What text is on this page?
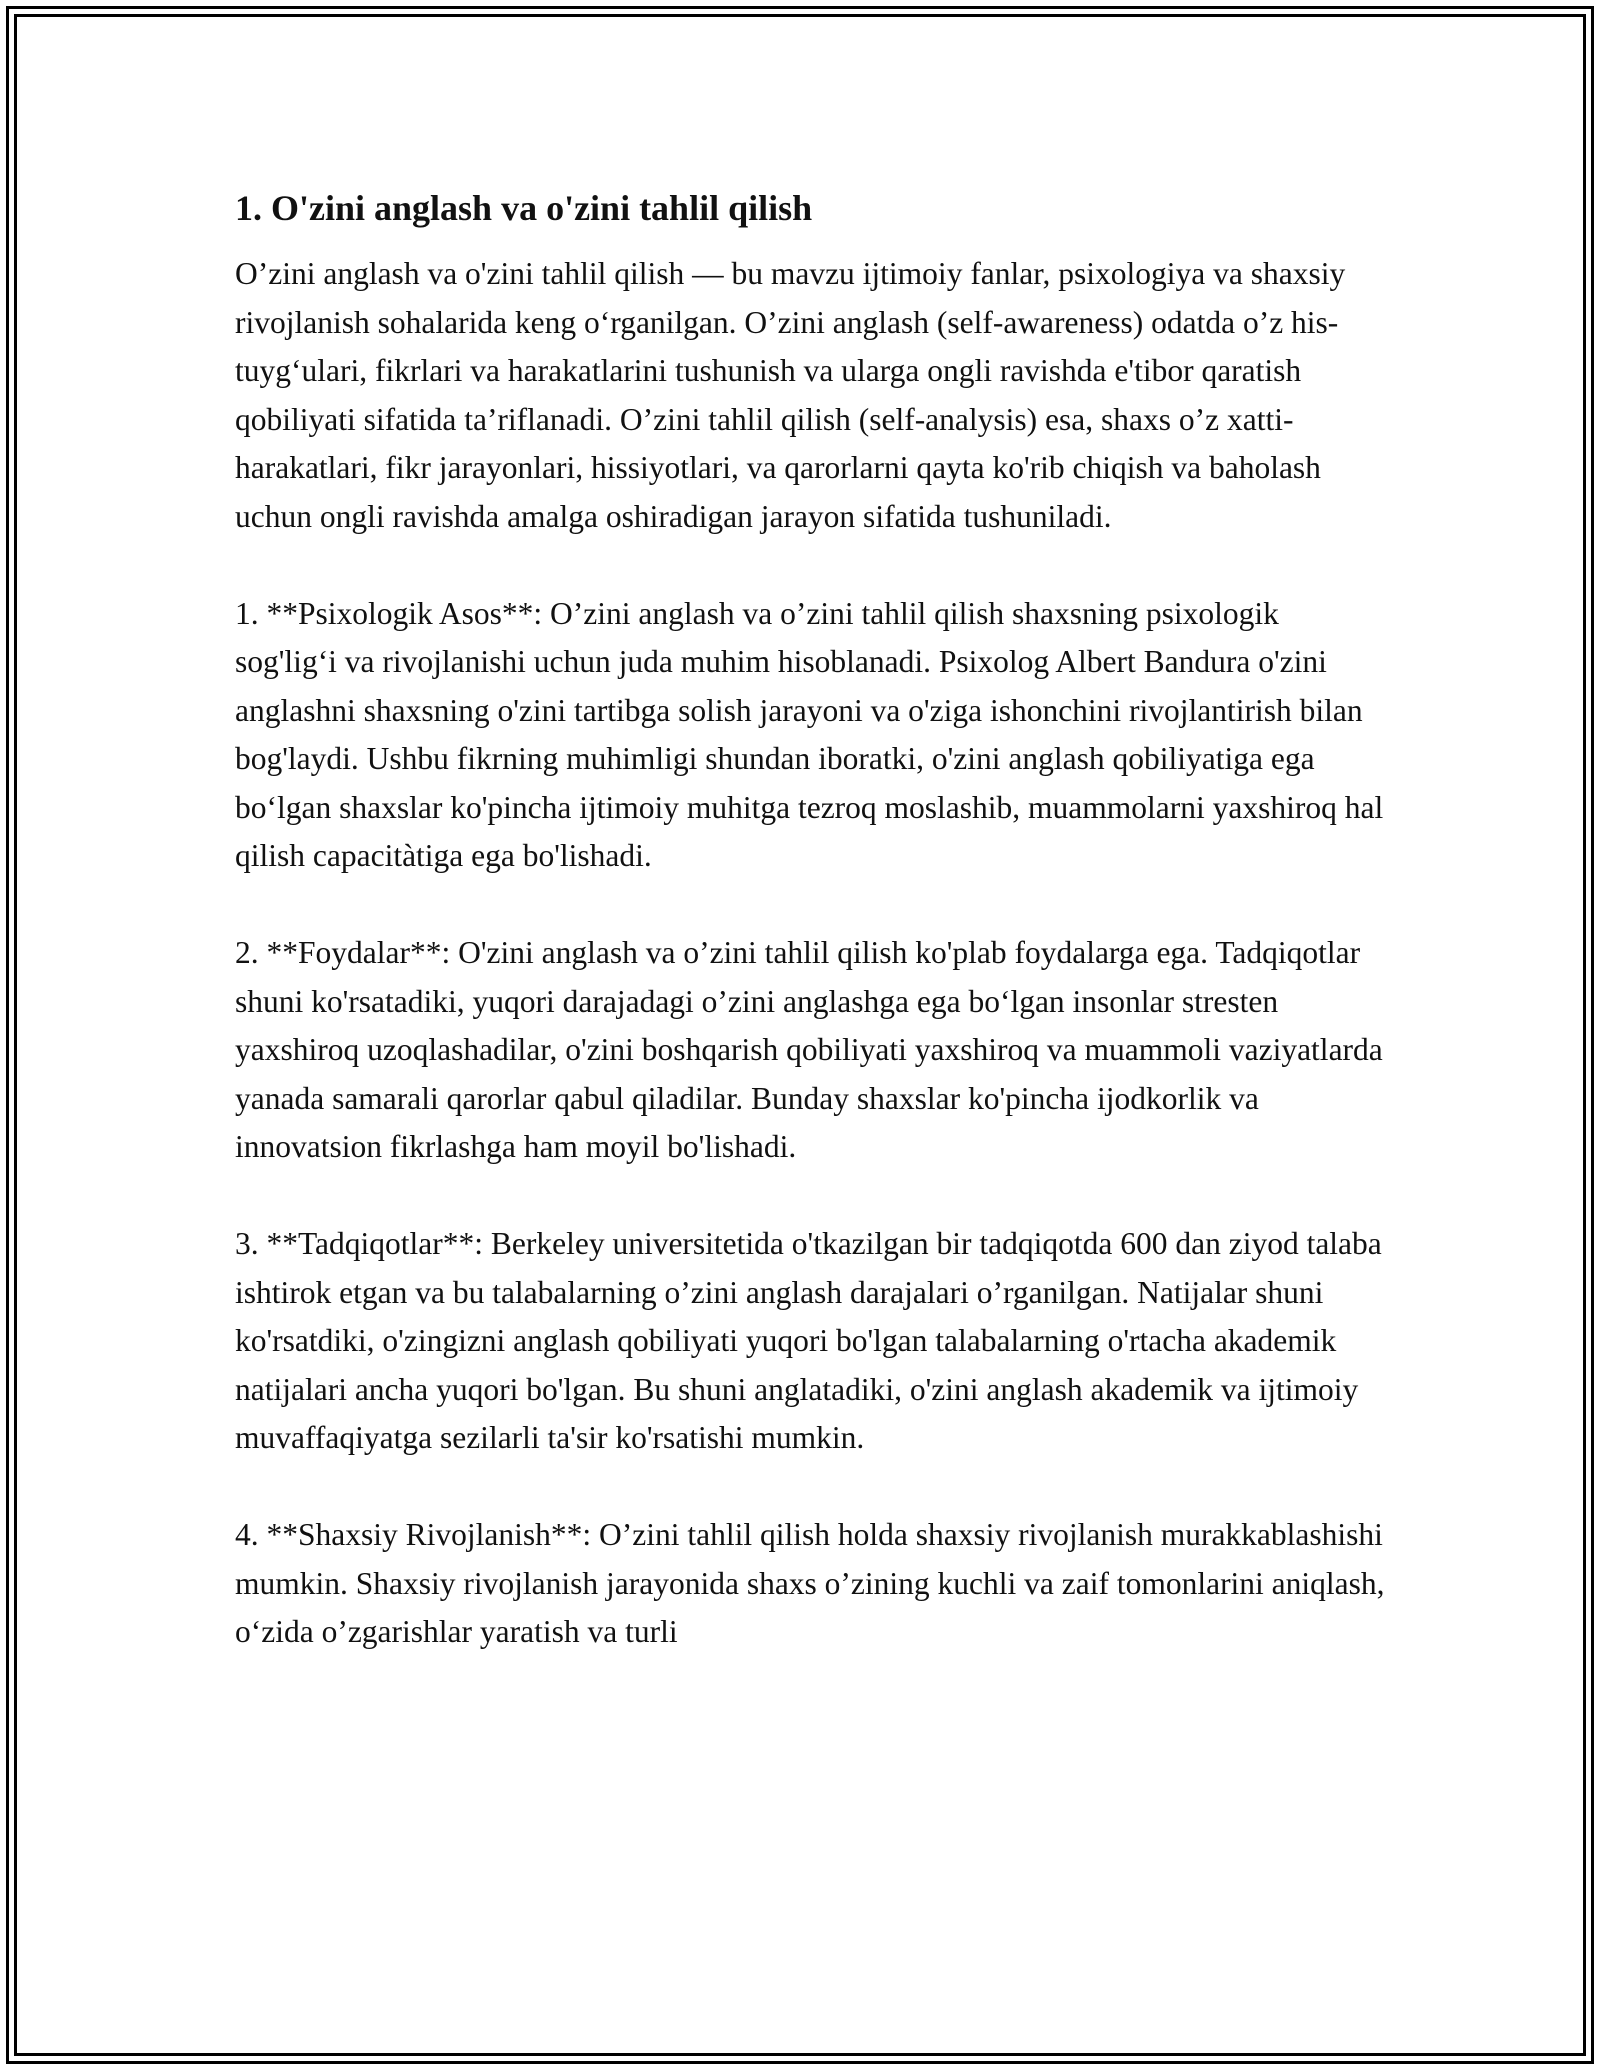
1. O'zini anglash va o'zini tahlil qilish

O’zini anglash va o'zini tahlil qilish — bu mavzu ijtimoiy fanlar, psixologiya va shaxsiy rivojlanish sohalarida keng o‘rganilgan. O’zini anglash (self-awareness) odatda o’z his-tuyg‘ulari, fikrlari va harakatlarini tushunish va ularga ongli ravishda e'tibor qaratish qobiliyati sifatida ta’riflanadi. O’zini tahlil qilish (self-analysis) esa, shaxs o’z xatti-harakatlari, fikr jarayonlari, hissiyotlari, va qarorlarni qayta ko'rib chiqish va baholash uchun ongli ravishda amalga oshiradigan jarayon sifatida tushuniladi.

1. **Psixologik Asos**: O’zini anglash va o’zini tahlil qilish shaxsning psixologik sog'lig‘i va rivojlanishi uchun juda muhim hisoblanadi. Psixolog Albert Bandura o'zini anglashni shaxsning o'zini tartibga solish jarayoni va o'ziga ishonchini rivojlantirish bilan bog'laydi. Ushbu fikrning muhimligi shundan iboratki, o'zini anglash qobiliyatiga ega bo‘lgan shaxslar ko'pincha ijtimoiy muhitga tezroq moslashib, muammolarni yaxshiroq hal qilish capacitàtiga ega bo'lishadi.

2. **Foydalar**: O'zini anglash va o’zini tahlil qilish ko'plab foydalarga ega. Tadqiqotlar shuni ko'rsatadiki, yuqori darajadagi o’zini anglashga ega bo‘lgan insonlar stresten yaxshiroq uzoqlashadilar, o'zini boshqarish qobiliyati yaxshiroq va muammoli vaziyatlarda yanada samarali qarorlar qabul qiladilar. Bunday shaxslar ko'pincha ijodkorlik va innovatsion fikrlashga ham moyil bo'lishadi.

3. **Tadqiqotlar**: Berkeley universitetida o'tkazilgan bir tadqiqotda 600 dan ziyod talaba ishtirok etgan va bu talabalarning o’zini anglash darajalari o’rganilgan. Natijalar shuni ko'rsatdiki, o'zingizni anglash qobiliyati yuqori bo'lgan talabalarning o'rtacha akademik natijalari ancha yuqori bo'lgan. Bu shuni anglatadiki, o'zini anglash akademik va ijtimoiy muvaffaqiyatga sezilarli ta'sir ko'rsatishi mumkin.

4. **Shaxsiy Rivojlanish**: O’zini tahlil qilish holda shaxsiy rivojlanish murakkablashishi mumkin. Shaxsiy rivojlanish jarayonida shaxs o’zining kuchli va zaif tomonlarini aniqlash, o‘zida o’zgarishlar yaratish va turli
